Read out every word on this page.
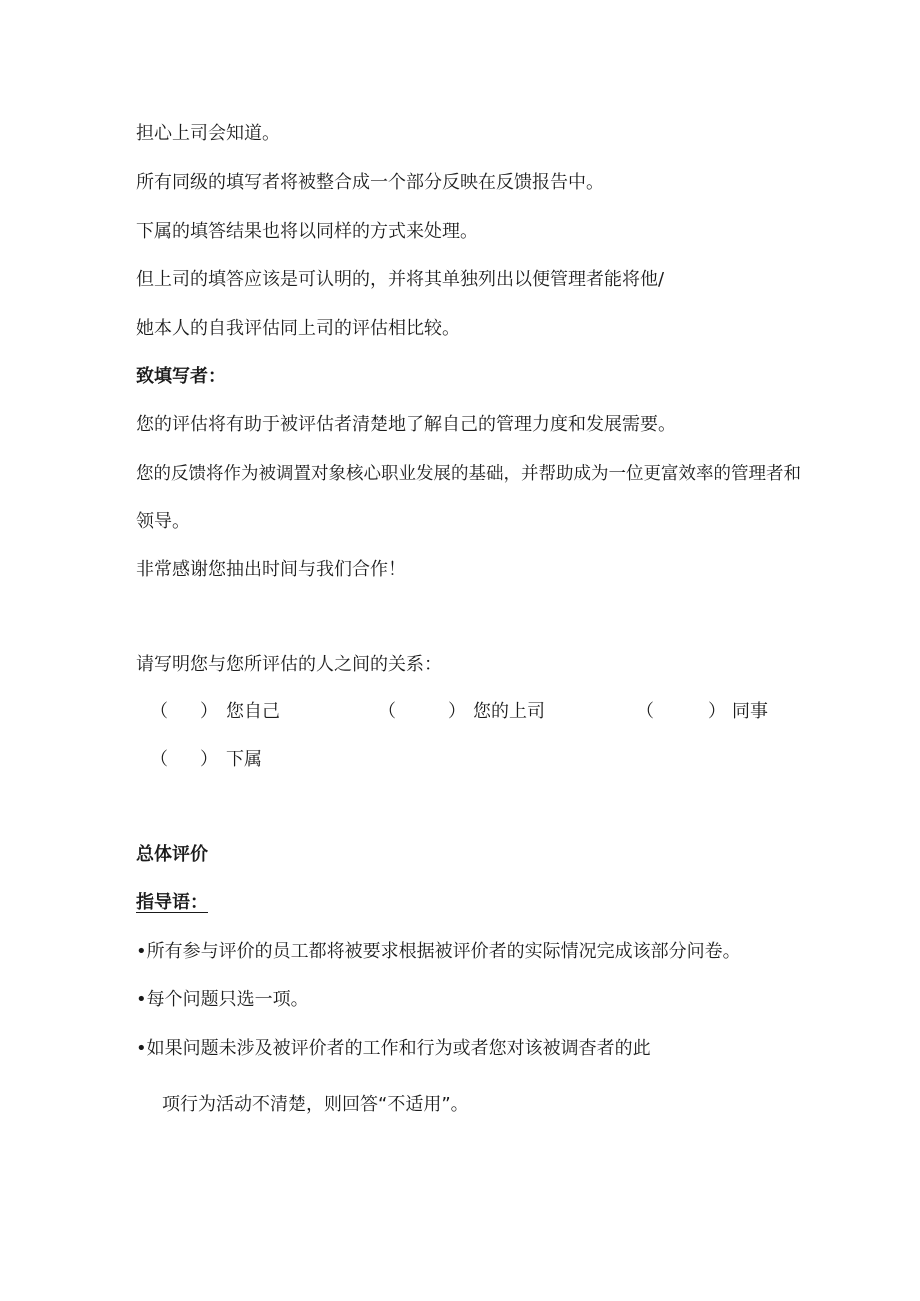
担心上司会知道。
所有同级的填写者将被整合成一个部分反映在反馈报告中。
下属的填答结果也将以同样的方式来处理。
但上司的填答应该是可认明的，并将其单独列出以便管理者能将他/
她本人的自我评估同上司的评估相比较。
致填写者：
您的评估将有助于被评估者清楚地了解自己的管理力度和发展需要。
您的反馈将作为被调置对象核心职业发展的基础，并帮助成为一位更富效率的管理者和
领导。
非常感谢您抽出时间与我们合作！
请写明您与您所评估的人之间的关系：
（ ） 您自己	（	） 您的上司	（	） 同事
（ ） 下属
总体评价
指导语：
•所有参与评价的员工都将被要求根据被评价者的实际情况完成该部分问卷。
•每个问题只选一项。
•如果问题未涉及被评价者的工作和行为或者您对该被调杳者的此
项行为活动不清楚，则回答“不适用”。
